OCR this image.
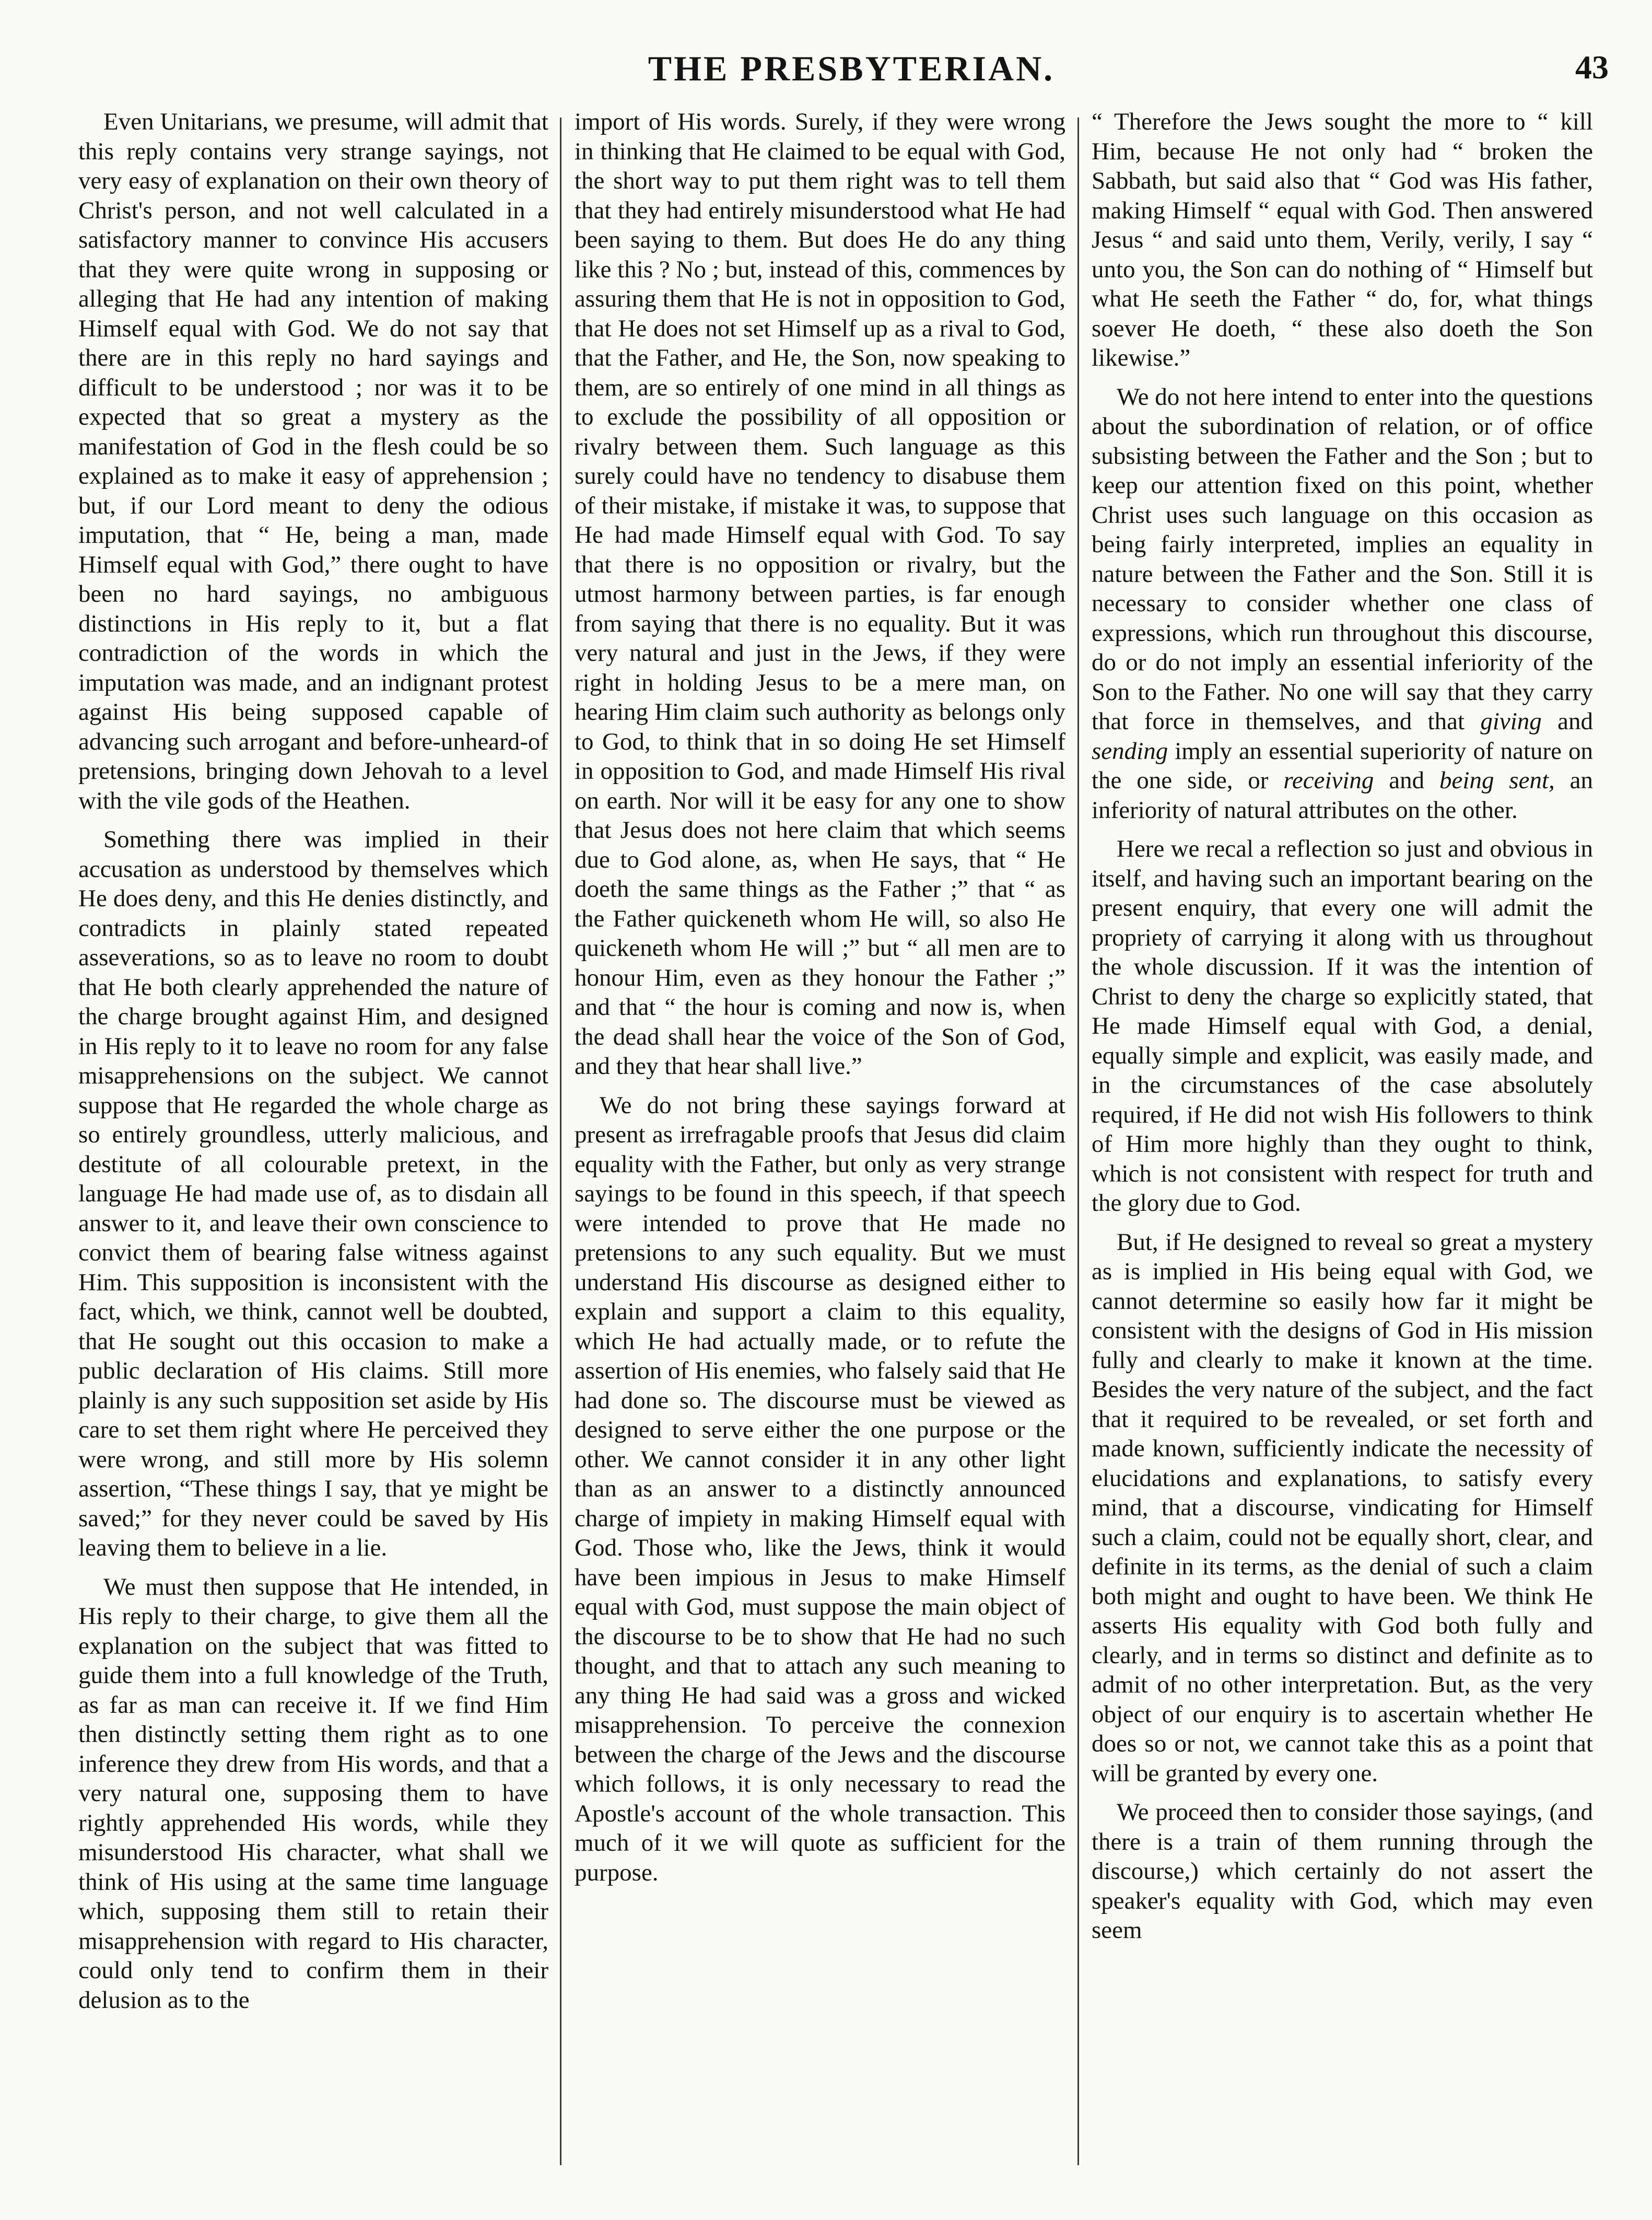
THE PRESBYTERIAN.	43

Even Unitarians, we presume, will admit that this reply contains very strange sayings, not very easy of explanation on their own theory of Christ's person, and not well calculated in a satisfactory manner to convince His accusers that they were quite wrong in supposing or alleging that He had any intention of making Himself equal with God. We do not say that there are in this reply no hard sayings and difficult to be understood ; nor was it to be expected that so great a mystery as the manifestation of God in the flesh could be so explained as to make it easy of apprehension ; but, if our Lord meant to deny the odious imputation, that “ He, being a man, made Himself equal with God,” there ought to have been no hard sayings, no ambiguous distinctions in His reply to it, but a flat contradiction of the words in which the imputation was made, and an indignant protest against His being supposed capable of advancing such arrogant and before-unheard-of pretensions, bringing down Jehovah to a level with the vile gods of the Heathen.

Something there was implied in their accusation as understood by themselves which He does deny, and this He denies distinctly, and contradicts in plainly stated repeated asseverations, so as to leave no room to doubt that He both clearly apprehended the nature of the charge brought against Him, and designed in His reply to it to leave no room for any false misapprehensions on the subject. We cannot suppose that He regarded the whole charge as so entirely groundless, utterly malicious, and destitute of all colourable pretext, in the language He had made use of, as to disdain all answer to it, and leave their own conscience to convict them of bearing false witness against Him. This supposition is inconsistent with the fact, which, we think, cannot well be doubted, that He sought out this occasion to make a public declaration of His claims. Still more plainly is any such supposition set aside by His care to set them right where He perceived they were wrong, and still more by His solemn assertion, “These things I say, that ye might be saved;” for they never could be saved by His leaving them to believe in a lie.

We must then suppose that He intended, in His reply to their charge, to give them all the explanation on the subject that was fitted to guide them into a full knowledge of the Truth, as far as man can receive it. If we find Him then distinctly setting them right as to one inference they drew from His words, and that a very natural one, supposing them to have rightly apprehended His words, while they misunderstood His character, what shall we think of His using at the same time language which, supposing them still to retain their misapprehension with regard to His character, could only tend to confirm them in their delusion as to the

import of His words. Surely, if they were wrong in thinking that He claimed to be equal with God, the short way to put them right was to tell them that they had entirely misunderstood what He had been saying to them. But does He do any thing like this ? No ; but, instead of this, commences by assuring them that He is not in opposition to God, that He does not set Himself up as a rival to God, that the Father, and He, the Son, now speaking to them, are so entirely of one mind in all things as to exclude the possibility of all opposition or rivalry between them. Such language as this surely could have no tendency to disabuse them of their mistake, if mistake it was, to suppose that He had made Himself equal with God. To say that there is no opposition or rivalry, but the utmost harmony between parties, is far enough from saying that there is no equality. But it was very natural and just in the Jews, if they were right in holding Jesus to be a mere man, on hearing Him claim such authority as belongs only to God, to think that in so doing He set Himself in opposition to God, and made Himself His rival on earth. Nor will it be easy for any one to show that Jesus does not here claim that which seems due to God alone, as, when He says, that “ He doeth the same things as the Father ;” that “ as the Father quickeneth whom He will, so also He quickeneth whom He will ;” but “ all men are to honour Him, even as they honour the Father ;” and that “ the hour is coming and now is, when the dead shall hear the voice of the Son of God, and they that hear shall live.”

We do not bring these sayings forward at present as irrefragable proofs that Jesus did claim equality with the Father, but only as very strange sayings to be found in this speech, if that speech were intended to prove that He made no pretensions to any such equality. But we must understand His discourse as designed either to explain and support a claim to this equality, which He had actually made, or to refute the assertion of His enemies, who falsely said that He had done so. The discourse must be viewed as designed to serve either the one purpose or the other. We cannot consider it in any other light than as an answer to a distinctly announced charge of impiety in making Himself equal with God. Those who, like the Jews, think it would have been impious in Jesus to make Himself equal with God, must suppose the main object of the discourse to be to show that He had no such thought, and that to attach any such meaning to any thing He had said was a gross and wicked misapprehension. To perceive the connexion between the charge of the Jews and the discourse which follows, it is only necessary to read the Apostle's account of the whole transaction. This much of it we will quote as sufficient for the purpose.

“ Therefore the Jews sought the more to “ kill Him, because He not only had “ broken the Sabbath, but said also that “ God was His father, making Himself “ equal with God. Then answered Jesus “ and said unto them, Verily, verily, I say “ unto you, the Son can do nothing of “ Himself but what He seeth the Father “ do, for, what things soever He doeth, “ these also doeth the Son likewise.”

We do not here intend to enter into the questions about the subordination of relation, or of office subsisting between the Father and the Son ; but to keep our attention fixed on this point, whether Christ uses such language on this occasion as being fairly interpreted, implies an equality in nature between the Father and the Son. Still it is necessary to consider whether one class of expressions, which run throughout this discourse, do or do not imply an essential inferiority of the Son to the Father. No one will say that they carry that force in themselves, and that giving and sending imply an essential superiority of nature on the one side, or receiving and being sent, an inferiority of natural attributes on the other.

Here we recal a reflection so just and obvious in itself, and having such an important bearing on the present enquiry, that every one will admit the propriety of carrying it along with us throughout the whole discussion. If it was the intention of Christ to deny the charge so explicitly stated, that He made Himself equal with God, a denial, equally simple and explicit, was easily made, and in the circumstances of the case absolutely required, if He did not wish His followers to think of Him more highly than they ought to think, which is not consistent with respect for truth and the glory due to God.

But, if He designed to reveal so great a mystery as is implied in His being equal with God, we cannot determine so easily how far it might be consistent with the designs of God in His mission fully and clearly to make it known at the time. Besides the very nature of the subject, and the fact that it required to be revealed, or set forth and made known, sufficiently indicate the necessity of elucidations and explanations, to satisfy every mind, that a discourse, vindicating for Himself such a claim, could not be equally short, clear, and definite in its terms, as the denial of such a claim both might and ought to have been. We think He asserts His equality with God both fully and clearly, and in terms so distinct and definite as to admit of no other interpretation. But, as the very object of our enquiry is to ascertain whether He does so or not, we cannot take this as a point that will be granted by every one.

We proceed then to consider those sayings, (and there is a train of them running through the discourse,) which certainly do not assert the speaker's equality with God, which may even seem
